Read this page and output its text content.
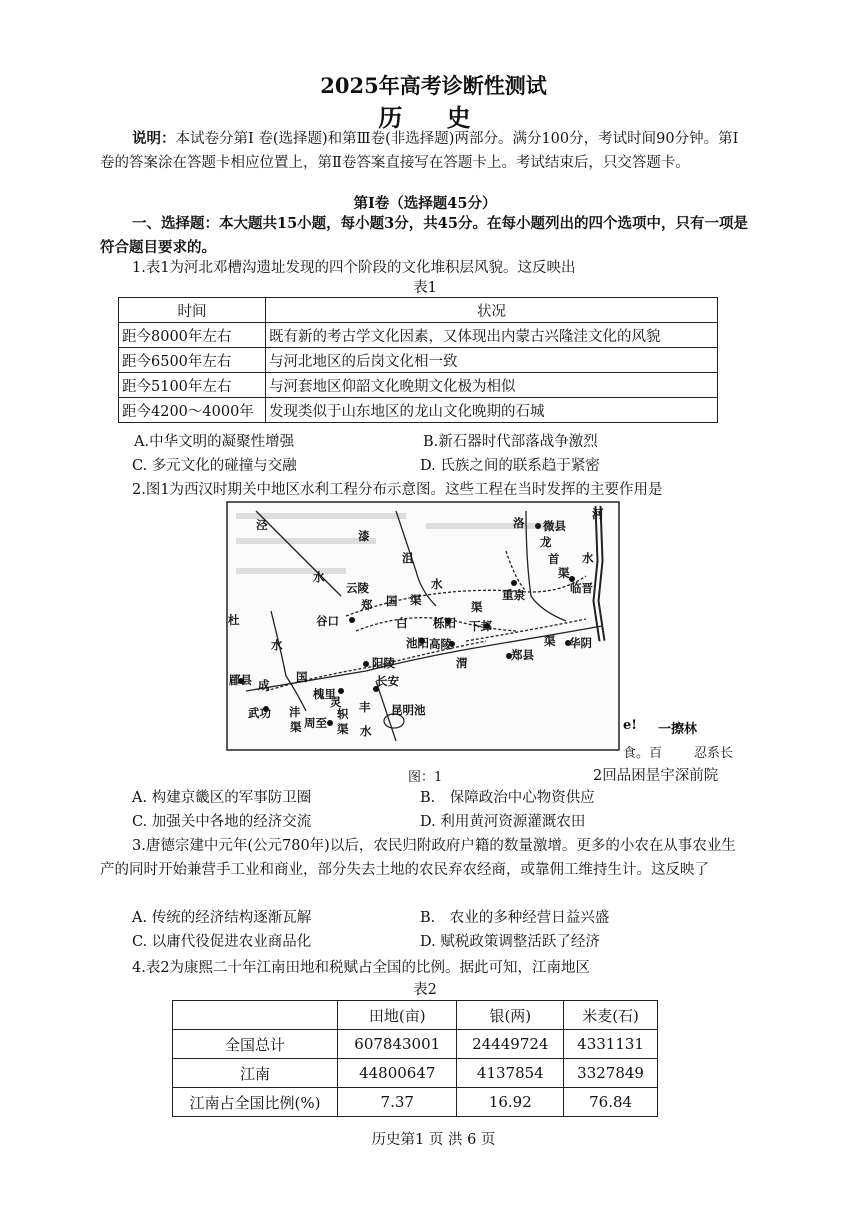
2025年高考诊断性测试
历 史
说明：本试卷分第Ⅰ 卷(选择题)和第Ⅲ卷(非选择题)两部分。满分100分，考试时间90分钟。第Ⅰ 卷的答案涂在答题卡相应位置上，第Ⅱ卷答案直接写在答题卡上。考试结束后，只交答题卡。
第Ⅰ卷（选择题45分）
一、选择题：本大题共15小题，每小题3分，共45分。在每小题列出的四个选项中，只有一项是符合题目要求的。
1.表1为河北邓槽沟遗址发现的四个阶段的文化堆积层风貌。这反映出
表1
时间	状况
距今8000年左右	既有新的考古学文化因素，又体现出内蒙古兴隆洼文化的风貌
距今6500年左右	与河北地区的后岗文化相一致
距今5100年左右	与河套地区仰韶文化晚期文化极为相似
距今4200～4000年	发现类似于山东地区的龙山文化晚期的石城
A.中华文明的凝聚性增强	B.新石器时代部落战争激烈
C. 多元文化的碰撞与交融	D. 氏族之间的联系趋于紧密
2.图1为西汉时期关中地区水利工程分布示意图。这些工程在当时发挥的主要作用是
泾
漆
沮
洛
河
微县
龙
首 水
渠
临晋
水	水
云陵
郑 国 渠	重泉
杜	谷口	白 栎阳 下邽
水	池阳 高陵	渠 华阴
渠
阳陵	渭
郑县
郿县 成
国
槐里
长安
丰 昆明池
武功 沣
渠 周至
灵
轵
渠 水	e! 一擦林
食。百 忍系长
图：1	2回品困昰宇深前院
A. 构建京畿区的军事防卫圈	B.　保障政治中心物资供应
C. 加强关中各地的经济交流	D. 利用黄河资源灌溉农田
3.唐德宗建中元年(公元780年)以后，农民归附政府户籍的数量激增。更多的小农在从事农业生产的同时开始兼营手工业和商业，部分失去土地的农民弃农经商，或靠佣工维持生计。这反映了
A. 传统的经济结构逐渐瓦解	B.　农业的多种经营日益兴盛
C. 以庸代役促进农业商品化	D. 赋税政策调整活跃了经济
4.表2为康熙二十年江南田地和税赋占全国的比例。据此可知，江南地区
表2
	田地(亩)	银(两)	米麦(石)
全国总计	607843001	24449724	4331131
江南	44800647	4137854	3327849
江南占全国比例(%)	7.37	16.92	76.84
历史第1 页 洪 6 页
